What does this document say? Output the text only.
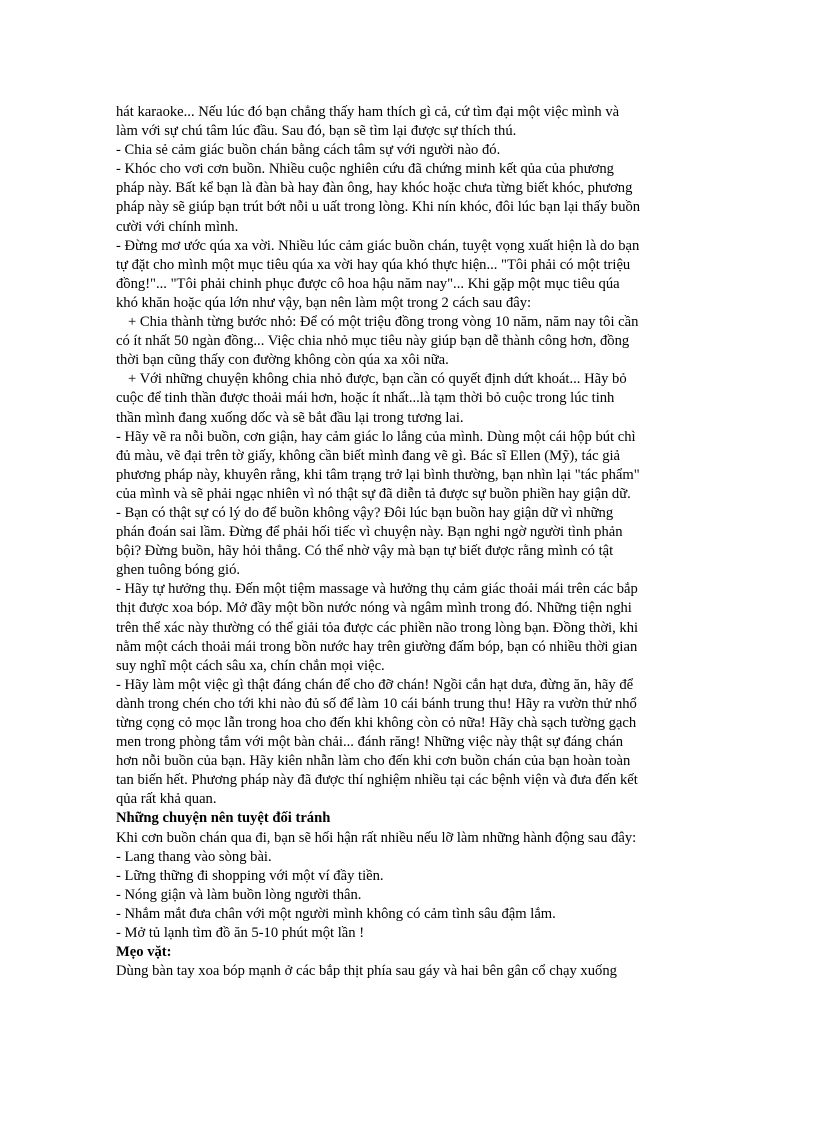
hát karaoke... Nếu lúc đó bạn chẳng thấy ham thích gì cả, cứ tìm đại một việc mình và
làm với sự chú tâm lúc đầu. Sau đó, bạn sẽ tìm lại được sự thích thú.
- Chia sẻ cảm giác buồn chán bằng cách tâm sự với người nào đó.
- Khóc cho vơi cơn buồn. Nhiều cuộc nghiên cứu đã chứng minh kết qủa của phương
pháp này. Bất kể bạn là đàn bà hay đàn ông, hay khóc hoặc chưa từng biết khóc, phương
pháp này sẽ giúp bạn trút bớt nỗi u uất trong lòng. Khi nín khóc, đôi lúc bạn lại thấy buồn
cười với chính mình.
- Đừng mơ ước qúa xa vời. Nhiều lúc cảm giác buồn chán, tuyệt vọng xuất hiện là do bạn
tự đặt cho mình một mục tiêu qúa xa vời hay qúa khó thực hiện... "Tôi phải có một triệu
đồng!"... "Tôi phải chinh phục được cô hoa hậu năm nay"... Khi gặp một mục tiêu qúa
khó khăn hoặc qúa lớn như vậy, bạn nên làm một trong 2 cách sau đây:
+ Chia thành từng bước nhỏ: Để có một triệu đồng trong vòng 10 năm, năm nay tôi cần
có ít nhất 50 ngàn đồng... Việc chia nhỏ mục tiêu này giúp bạn dễ thành công hơn, đồng
thời bạn cũng thấy con đường không còn qúa xa xôi nữa.
+ Với những chuyện không chia nhỏ được, bạn cần có quyết định dứt khoát... Hãy bỏ
cuộc để tinh thần được thoải mái hơn, hoặc ít nhất...là tạm thời bỏ cuộc trong lúc tinh
thần mình đang xuống dốc và sẽ bắt đầu lại trong tương lai.
- Hãy vẽ ra nỗi buồn, cơn giận, hay cảm giác lo lắng của mình. Dùng một cái hộp bút chì
đủ màu, vẽ đại trên tờ giấy, không cần biết mình đang vẽ gì. Bác sĩ Ellen (Mỹ), tác giả
phương pháp này, khuyên rằng, khi tâm trạng trở lại bình thường, bạn nhìn lại "tác phẩm"
của mình và sẽ phải ngạc nhiên vì nó thật sự đã diễn tả được sự buồn phiền hay giận dữ.
- Bạn có thật sự có lý do để buồn không vậy? Đôi lúc bạn buồn hay giận dữ vì những
phán đoán sai lầm. Đừng để phải hối tiếc vì chuyện này. Bạn nghi ngờ người tình phản
bội? Đừng buồn, hãy hỏi thẳng. Có thể nhờ vậy mà bạn tự biết được rằng mình có tật
ghen tuông bóng gió.
- Hãy tự hưởng thụ. Đến một tiệm massage và hưởng thụ cảm giác thoải mái trên các bắp
thịt được xoa bóp. Mở đầy một bồn nước nóng và ngâm mình trong đó. Những tiện nghi
trên thể xác này thường có thể giải tỏa được các phiền não trong lòng bạn. Đồng thời, khi
nằm một cách thoải mái trong bồn nước hay trên giường đấm bóp, bạn có nhiều thời gian
suy nghĩ một cách sâu xa, chín chắn mọi việc.
- Hãy làm một việc gì thật đáng chán để cho đỡ chán! Ngồi cắn hạt dưa, đừng ăn, hãy để
dành trong chén cho tới khi nào đủ số để làm 10 cái bánh trung thu! Hãy ra vườn thử nhổ
từng cọng cỏ mọc lẫn trong hoa cho đến khi không còn cỏ nữa! Hãy chà sạch tường gạch
men trong phòng tắm với một bàn chải... đánh răng! Những việc này thật sự đáng chán
hơn nỗi buồn của bạn. Hãy kiên nhẫn làm cho đến khi cơn buồn chán của bạn hoàn toàn
tan biến hết. Phương pháp này đã được thí nghiệm nhiều tại các bệnh viện và đưa đến kết
qủa rất khả quan.
Những chuyện nên tuyệt đối tránh
Khi cơn buồn chán qua đi, bạn sẽ hối hận rất nhiều nếu lỡ làm những hành động sau đây:
- Lang thang vào sòng bài.
- Lững thững đi shopping với một ví đầy tiền.
- Nóng giận và làm buồn lòng người thân.
- Nhắm mắt đưa chân với một người mình không có cảm tình sâu đậm lắm.
- Mở tủ lạnh tìm đồ ăn 5-10 phút một lần !
Mẹo vặt:
Dùng bàn tay xoa bóp mạnh ở các bắp thịt phía sau gáy và hai bên gân cổ chạy xuống
